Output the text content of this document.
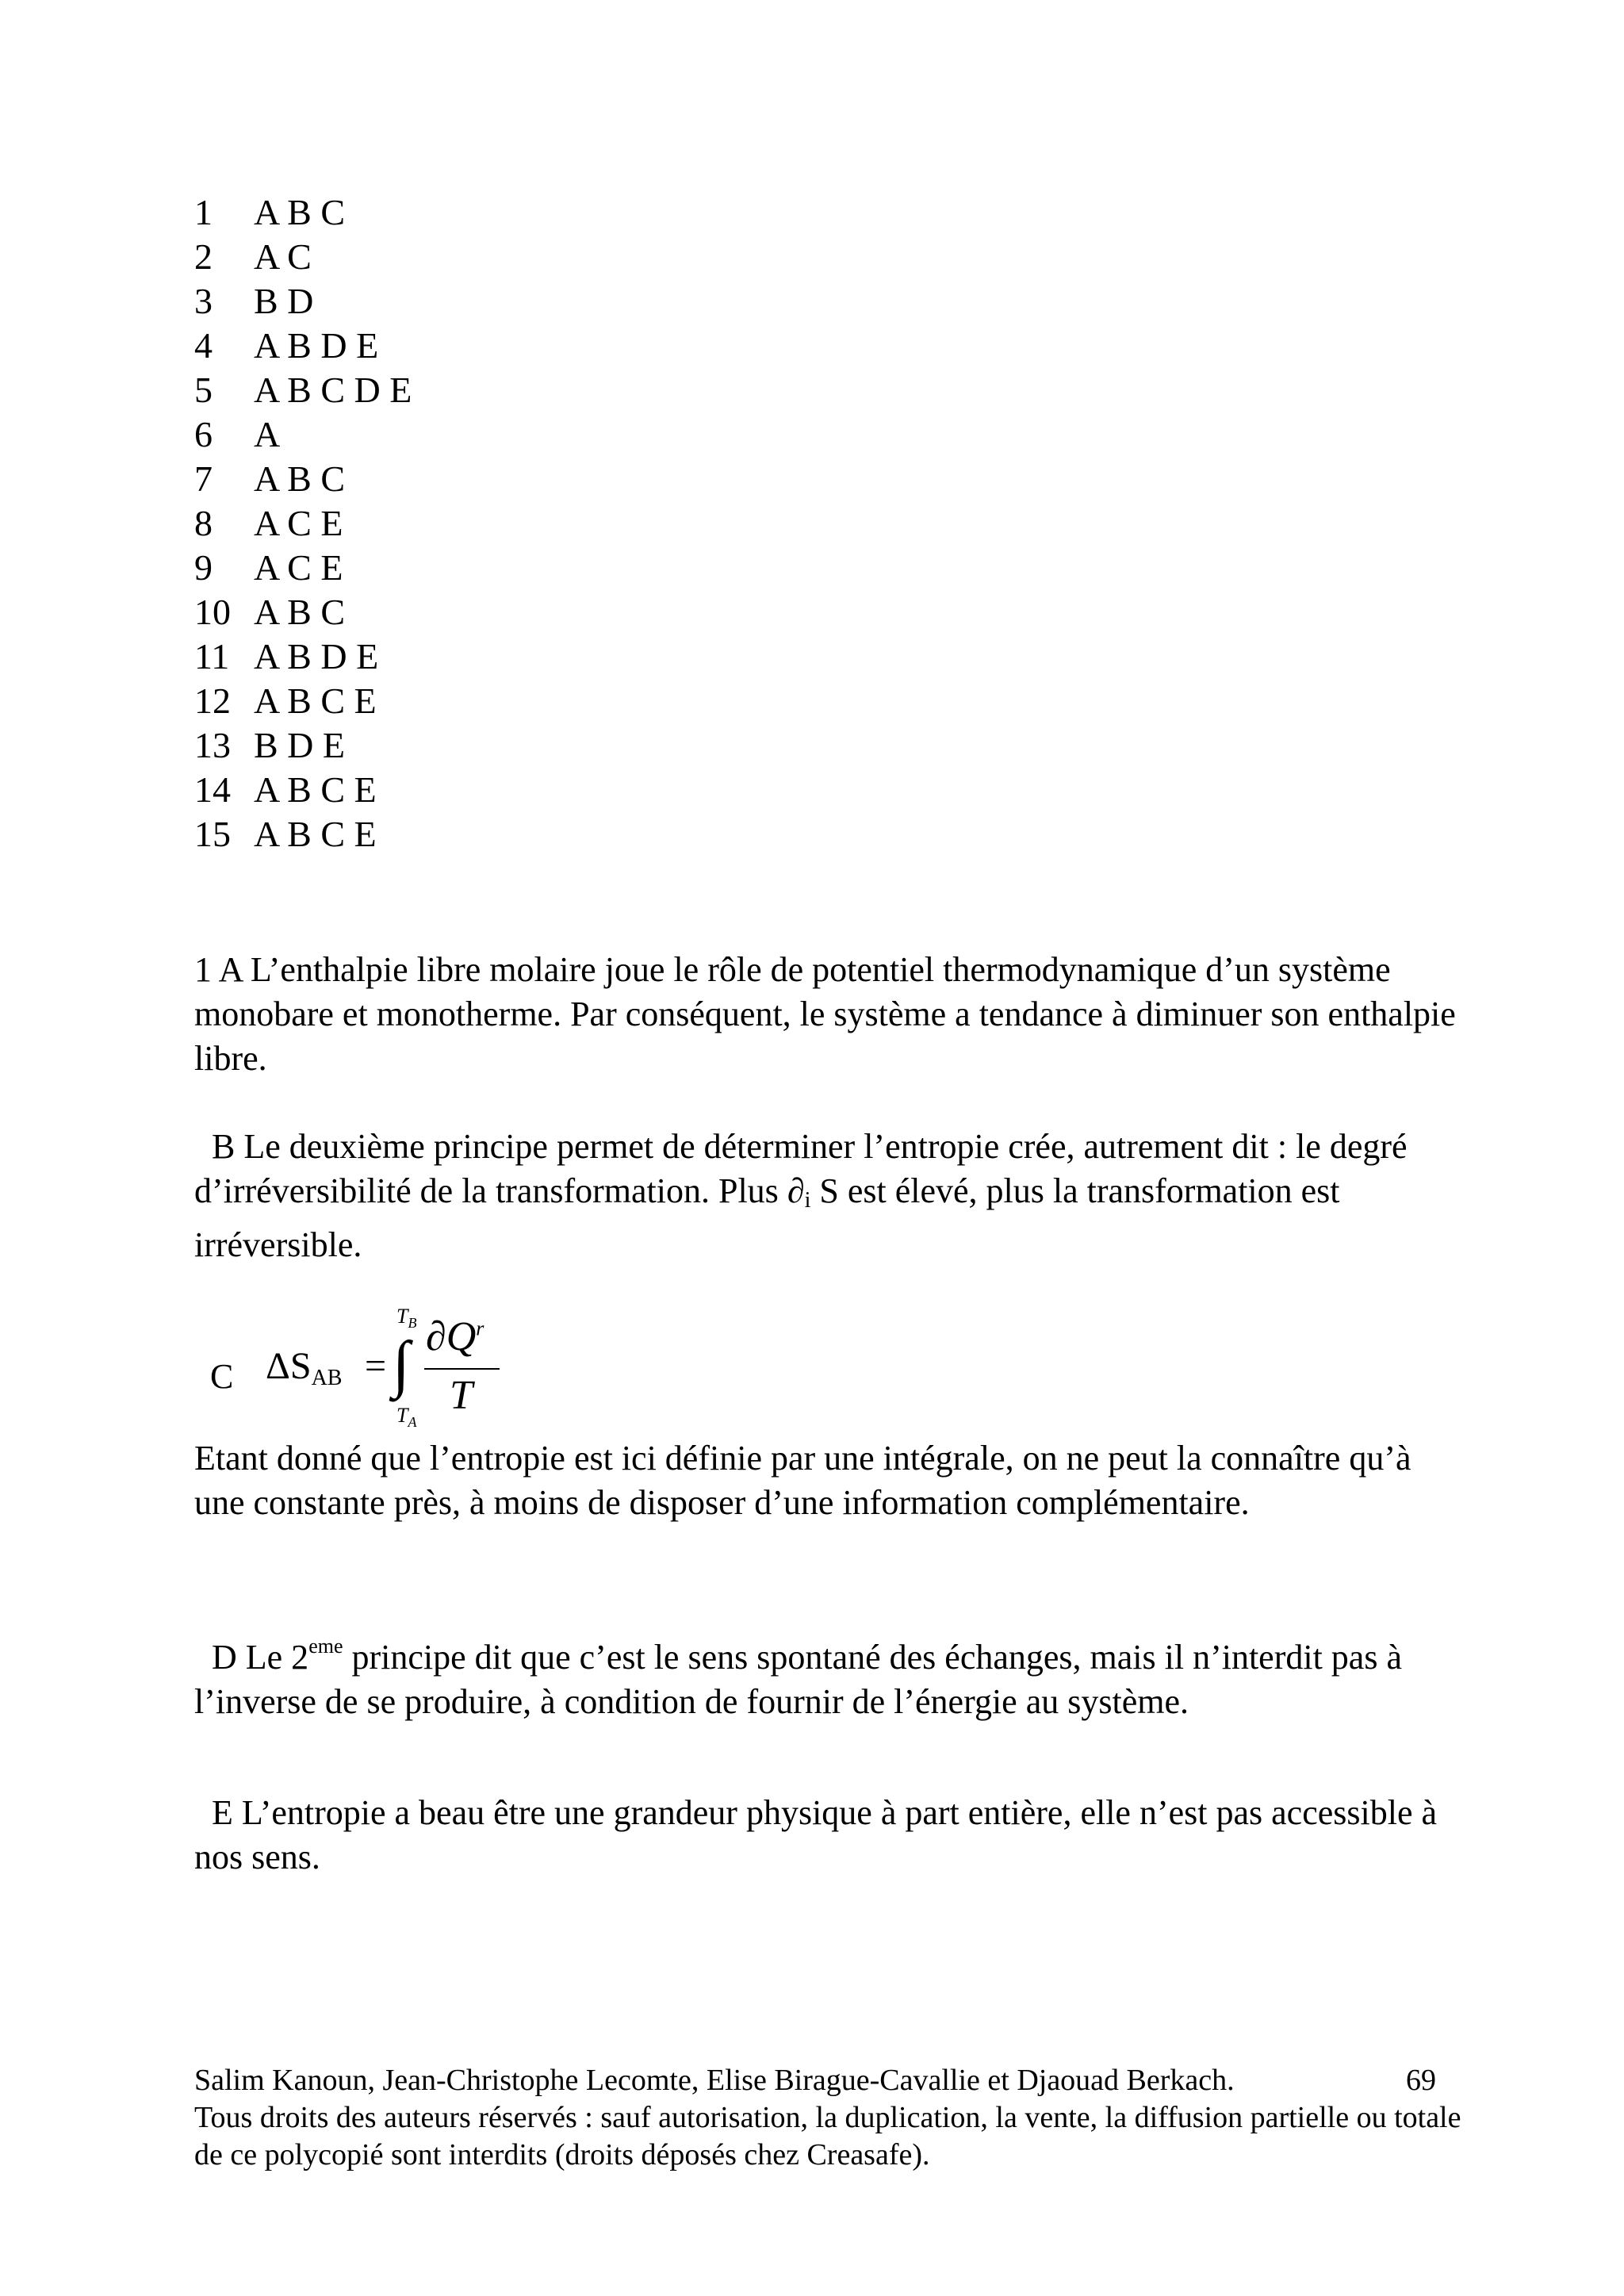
1	A B C
2	A C
3	B D
4	A B D E
5	A B C D E
6	A
7	A B C
8	A C E
9	A C E
10 A B C
11 A B D E
12 A B C E
13 B D E
14 A B C E
15 A B C E

1 A L’enthalpie libre molaire joue le rôle de potentiel thermodynamique d’un système monobare et monotherme. Par conséquent, le système a tendance à diminuer son enthalpie libre.

B Le deuxième principe permet de déterminer l’entropie crée, autrement dit : le degré d’irréversibilité de la transformation. Plus ∂i S est élevé, plus la transformation est irréversible.

C ΔSAB = ∫
$T_B$
$T_A$
$\partial Q^r$
T

Etant donné que l’entropie est ici définie par une intégrale, on ne peut la connaître qu’à une constante près, à moins de disposer d’une information complémentaire.

D Le 2eme principe dit que c’est le sens spontané des échanges, mais il n’interdit pas à l’inverse de se produire, à condition de fournir de l’énergie au système.

E L’entropie a beau être une grandeur physique à part entière, elle n’est pas accessible à nos sens.

Salim Kanoun, Jean-Christophe Lecomte, Elise Birague-Cavallie et Djaouad Berkach.
Tous droits des auteurs réservés : sauf autorisation, la duplication, la vente, la diffusion partielle ou totale de ce polycopié sont interdits (droits déposés chez Creasafe).
69
